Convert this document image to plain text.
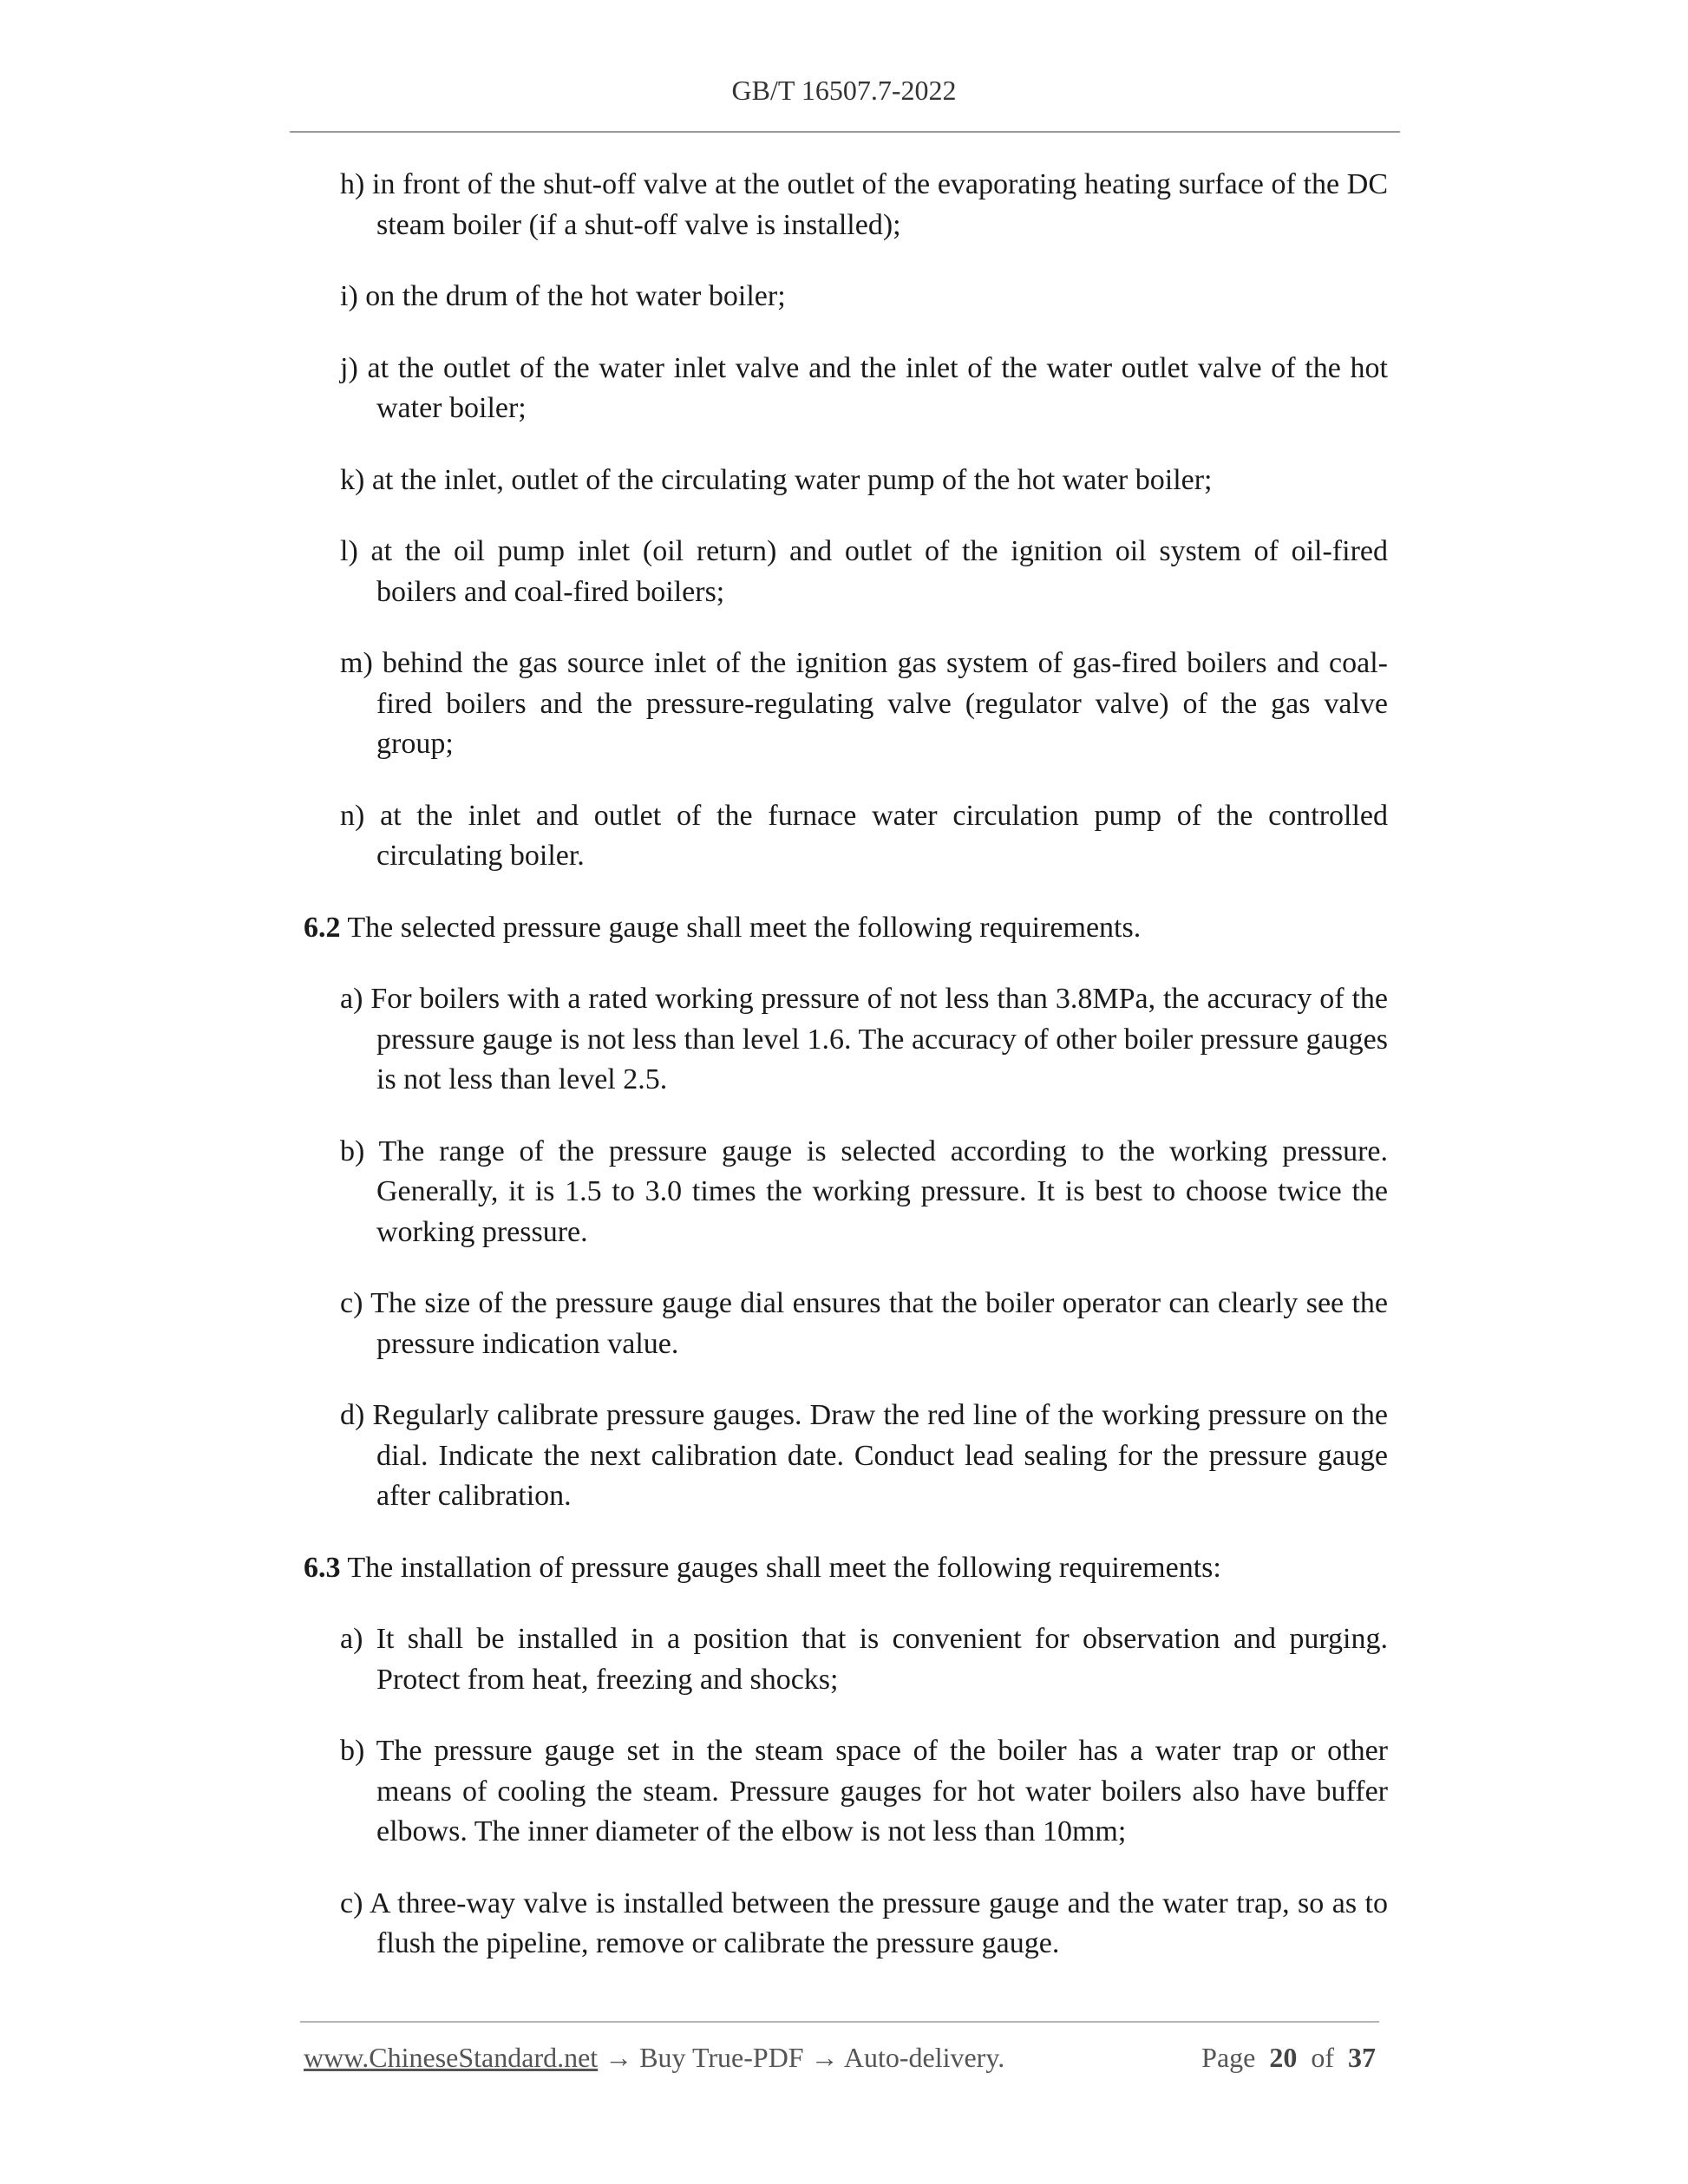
GB/T 16507.7-2022
h) in front of the shut-off valve at the outlet of the evaporating heating surface of the DC steam boiler (if a shut-off valve is installed);
i) on the drum of the hot water boiler;
j) at the outlet of the water inlet valve and the inlet of the water outlet valve of the hot water boiler;
k) at the inlet, outlet of the circulating water pump of the hot water boiler;
l) at the oil pump inlet (oil return) and outlet of the ignition oil system of oil-fired boilers and coal-fired boilers;
m) behind the gas source inlet of the ignition gas system of gas-fired boilers and coal-fired boilers and the pressure-regulating valve (regulator valve) of the gas valve group;
n) at the inlet and outlet of the furnace water circulation pump of the controlled circulating boiler.
6.2 The selected pressure gauge shall meet the following requirements.
a) For boilers with a rated working pressure of not less than 3.8MPa, the accuracy of the pressure gauge is not less than level 1.6. The accuracy of other boiler pressure gauges is not less than level 2.5.
b) The range of the pressure gauge is selected according to the working pressure. Generally, it is 1.5 to 3.0 times the working pressure. It is best to choose twice the working pressure.
c) The size of the pressure gauge dial ensures that the boiler operator can clearly see the pressure indication value.
d) Regularly calibrate pressure gauges. Draw the red line of the working pressure on the dial. Indicate the next calibration date. Conduct lead sealing for the pressure gauge after calibration.
6.3 The installation of pressure gauges shall meet the following requirements:
a) It shall be installed in a position that is convenient for observation and purging. Protect from heat, freezing and shocks;
b) The pressure gauge set in the steam space of the boiler has a water trap or other means of cooling the steam. Pressure gauges for hot water boilers also have buffer elbows. The inner diameter of the elbow is not less than 10mm;
c) A three-way valve is installed between the pressure gauge and the water trap, so as to flush the pipeline, remove or calibrate the pressure gauge.
www.ChineseStandard.net → Buy True-PDF → Auto-delivery.	Page 20 of 37
